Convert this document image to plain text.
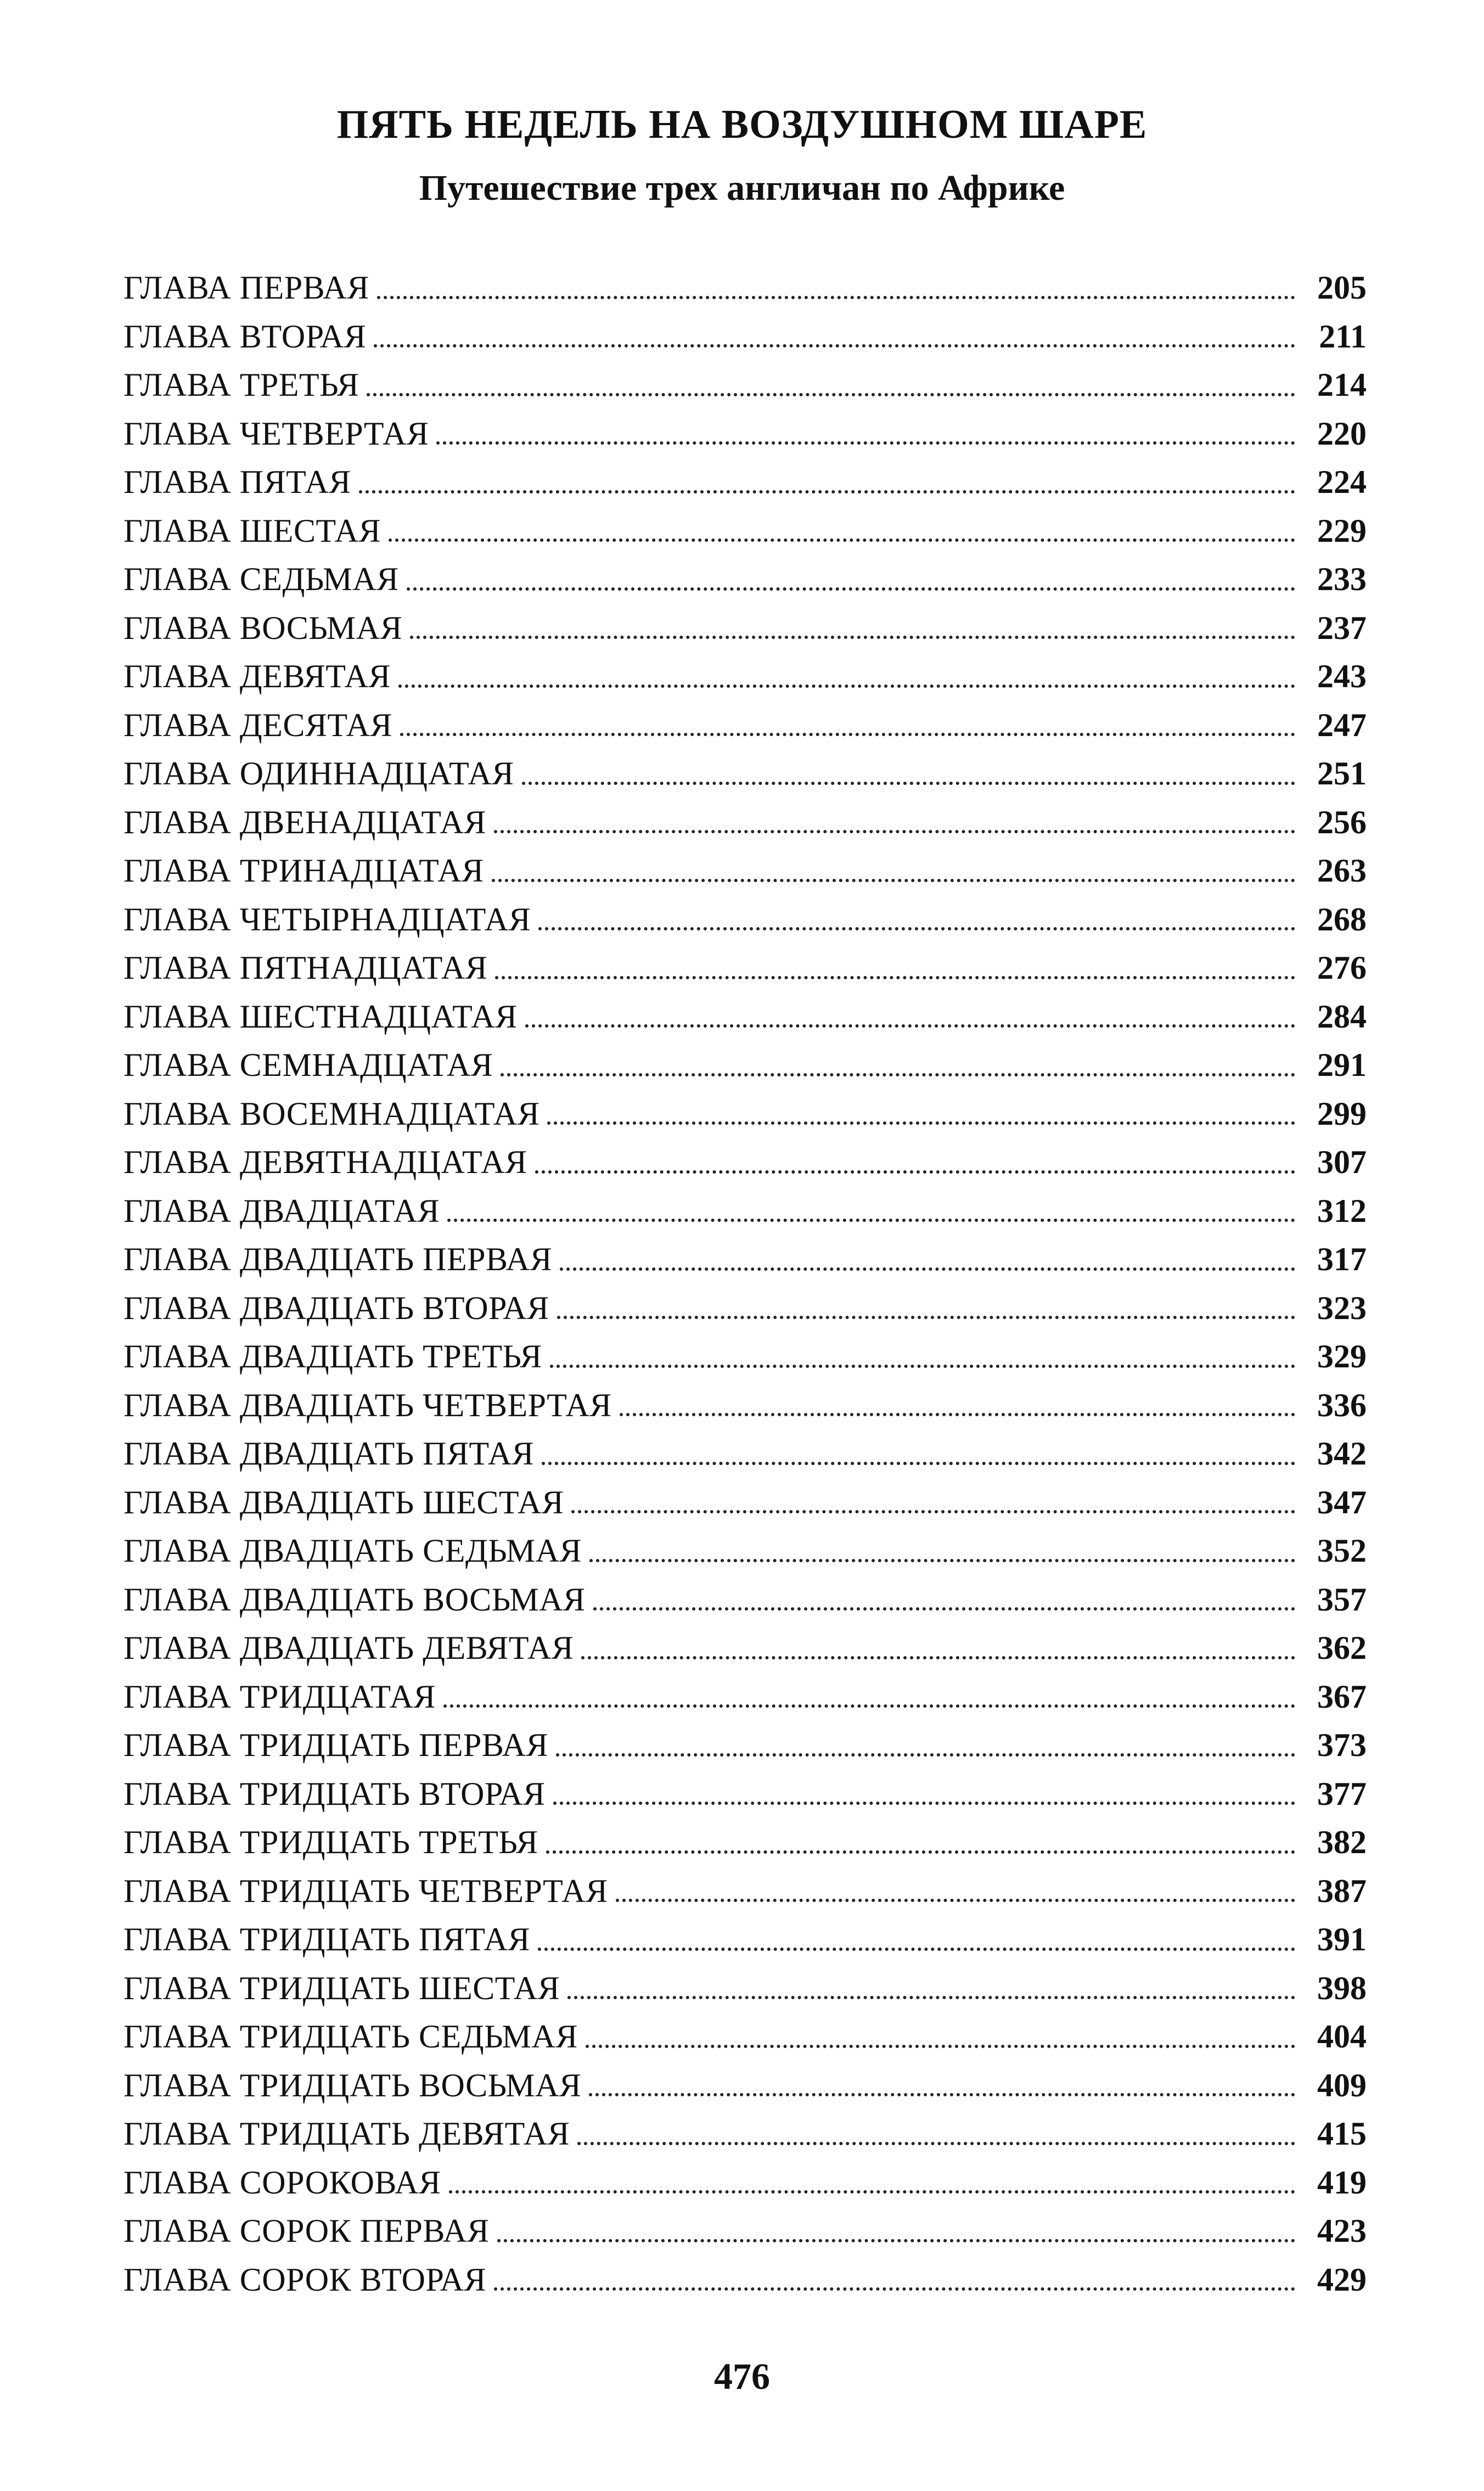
ПЯТЬ НЕДЕЛЬ НА ВОЗДУШНОМ ШАРЕ
Путешествие трех англичан по Африке
ГЛАВА ПЕРВАЯ	205
ГЛАВА ВТОРАЯ	211
ГЛАВА ТРЕТЬЯ	214
ГЛАВА ЧЕТВЕРТАЯ	220
ГЛАВА ПЯТАЯ	224
ГЛАВА ШЕСТАЯ	229
ГЛАВА СЕДЬМАЯ	233
ГЛАВА ВОСЬМАЯ	237
ГЛАВА ДЕВЯТАЯ	243
ГЛАВА ДЕСЯТАЯ	247
ГЛАВА ОДИННАДЦАТАЯ	251
ГЛАВА ДВЕНАДЦАТАЯ	256
ГЛАВА ТРИНАДЦАТАЯ	263
ГЛАВА ЧЕТЫРНАДЦАТАЯ	268
ГЛАВА ПЯТНАДЦАТАЯ	276
ГЛАВА ШЕСТНАДЦАТАЯ	284
ГЛАВА СЕМНАДЦАТАЯ	291
ГЛАВА ВОСЕМНАДЦАТАЯ	299
ГЛАВА ДЕВЯТНАДЦАТАЯ	307
ГЛАВА ДВАДЦАТАЯ	312
ГЛАВА ДВАДЦАТЬ ПЕРВАЯ	317
ГЛАВА ДВАДЦАТЬ ВТОРАЯ	323
ГЛАВА ДВАДЦАТЬ ТРЕТЬЯ	329
ГЛАВА ДВАДЦАТЬ ЧЕТВЕРТАЯ	336
ГЛАВА ДВАДЦАТЬ ПЯТАЯ	342
ГЛАВА ДВАДЦАТЬ ШЕСТАЯ	347
ГЛАВА ДВАДЦАТЬ СЕДЬМАЯ	352
ГЛАВА ДВАДЦАТЬ ВОСЬМАЯ	357
ГЛАВА ДВАДЦАТЬ ДЕВЯТАЯ	362
ГЛАВА ТРИДЦАТАЯ	367
ГЛАВА ТРИДЦАТЬ ПЕРВАЯ	373
ГЛАВА ТРИДЦАТЬ ВТОРАЯ	377
ГЛАВА ТРИДЦАТЬ ТРЕТЬЯ	382
ГЛАВА ТРИДЦАТЬ ЧЕТВЕРТАЯ	387
ГЛАВА ТРИДЦАТЬ ПЯТАЯ	391
ГЛАВА ТРИДЦАТЬ ШЕСТАЯ	398
ГЛАВА ТРИДЦАТЬ СЕДЬМАЯ	404
ГЛАВА ТРИДЦАТЬ ВОСЬМАЯ	409
ГЛАВА ТРИДЦАТЬ ДЕВЯТАЯ	415
ГЛАВА СОРОКОВАЯ	419
ГЛАВА СОРОК ПЕРВАЯ	423
ГЛАВА СОРОК ВТОРАЯ	429
476
